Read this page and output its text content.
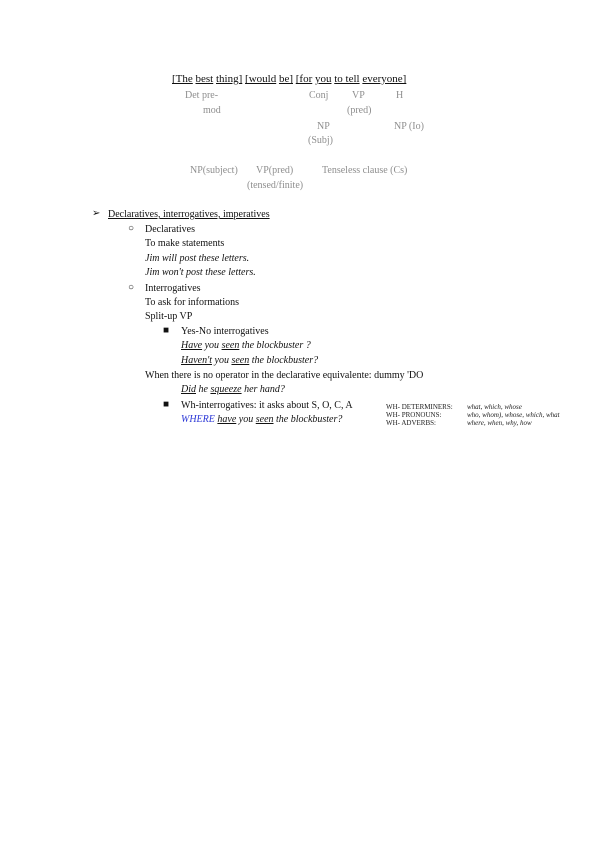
[The best thing] [would be] [for you to tell everyone]
Det pre-
mod
Conj VP
(pred)
H
NP
(Subj)
NP (Io)
NP(subject) VP(pred)
(tensed/finite)
Tenseless clause (Cs)
➢ Declaratives, interrogatives, imperatives
○ Declaratives
To make statements
Jim will post these letters.
Jim won't post these letters.
○ Interrogatives
To ask for informations
Split-up VP
■ Yes-No interrogatives
Have you seen the blockbuster ?
Haven't you seen the blockbuster?
When there is no operator in the declarative equivalente: dummy 'DO
Did he squeeze her hand?
■ Wh-interrogatives: it asks about S, O, C, A
WHERE have you seen the blockbuster?
WH- DETERMINERS: what, which, whose
WH- PRONOUNS:	who, whom), whose, which, what
WH- ADVERBS:	where, when, why, how
